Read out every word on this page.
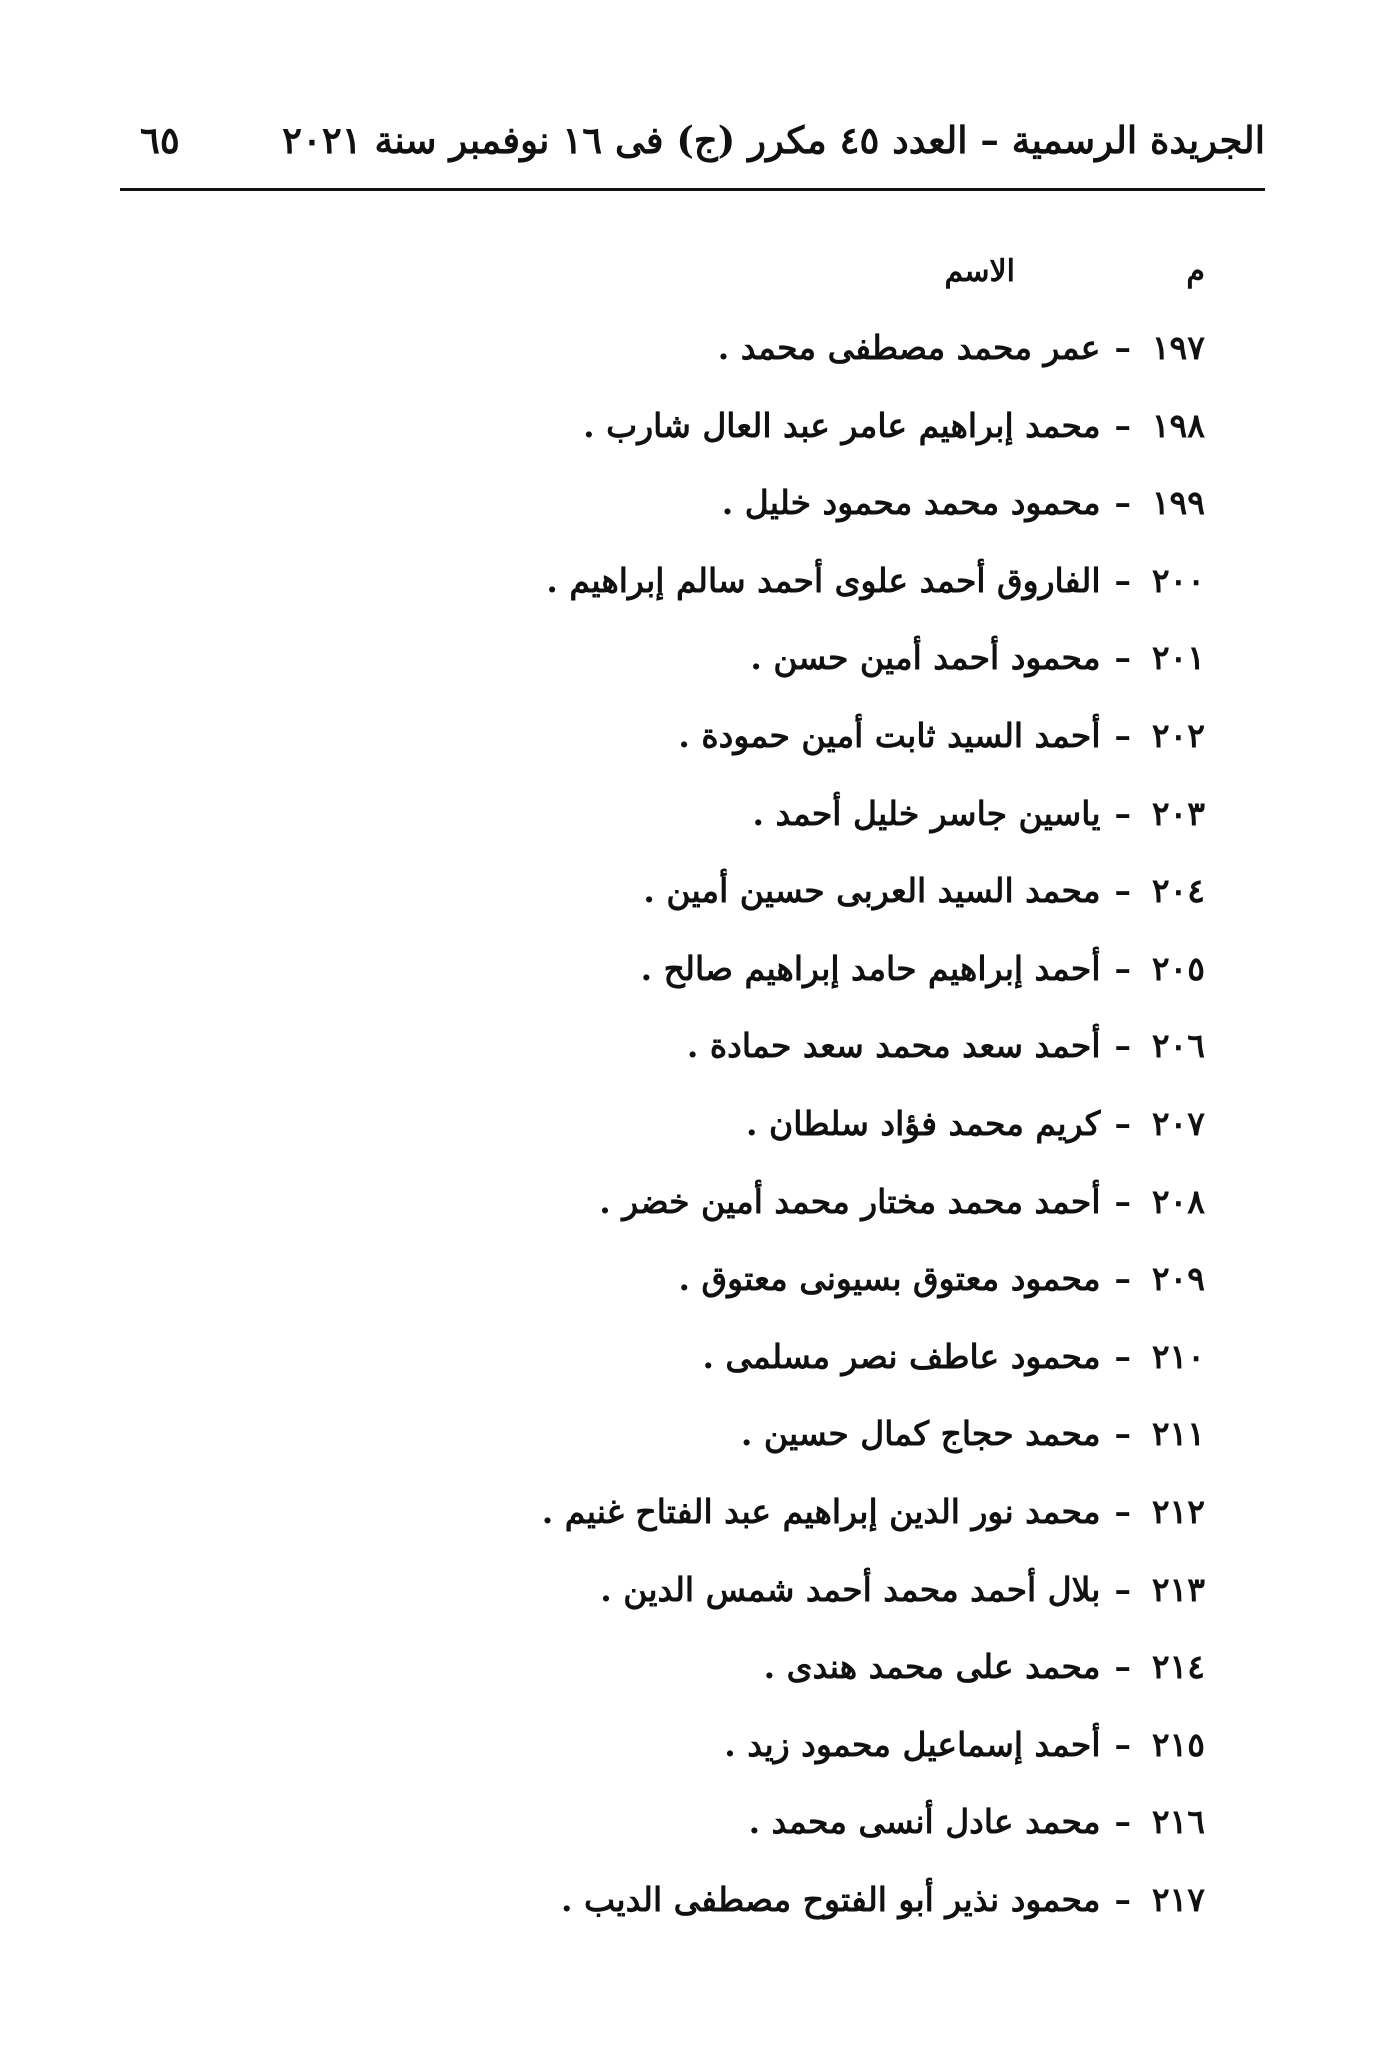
الجريدة الرسمية – العدد ٤٥ مكرر (ج) فى ١٦ نوفمبر سنة ٢٠٢١
٦٥
م
الاسم
١٩٧–عمر محمد مصطفى محمد .
١٩٨–محمد إبراهيم عامر عبد العال شارب .
١٩٩–محمود محمد محمود خليل .
٢٠٠–الفاروق أحمد علوى أحمد سالم إبراهيم .
٢٠١–محمود أحمد أمين حسن .
٢٠٢–أحمد السيد ثابت أمين حمودة .
٢٠٣–ياسين جاسر خليل أحمد .
٢٠٤–محمد السيد العربى حسين أمين .
٢٠٥–أحمد إبراهيم حامد إبراهيم صالح .
٢٠٦–أحمد سعد محمد سعد حمادة .
٢٠٧–كريم محمد فؤاد سلطان .
٢٠٨–أحمد محمد مختار محمد أمين خضر .
٢٠٩–محمود معتوق بسيونى معتوق .
٢١٠–محمود عاطف نصر مسلمى .
٢١١–محمد حجاج كمال حسين .
٢١٢–محمد نور الدين إبراهيم عبد الفتاح غنيم .
٢١٣–بلال أحمد محمد أحمد شمس الدين .
٢١٤–محمد على محمد هندى .
٢١٥–أحمد إسماعيل محمود زيد .
٢١٦–محمد عادل أنسى محمد .
٢١٧–محمود نذير أبو الفتوح مصطفى الديب .
